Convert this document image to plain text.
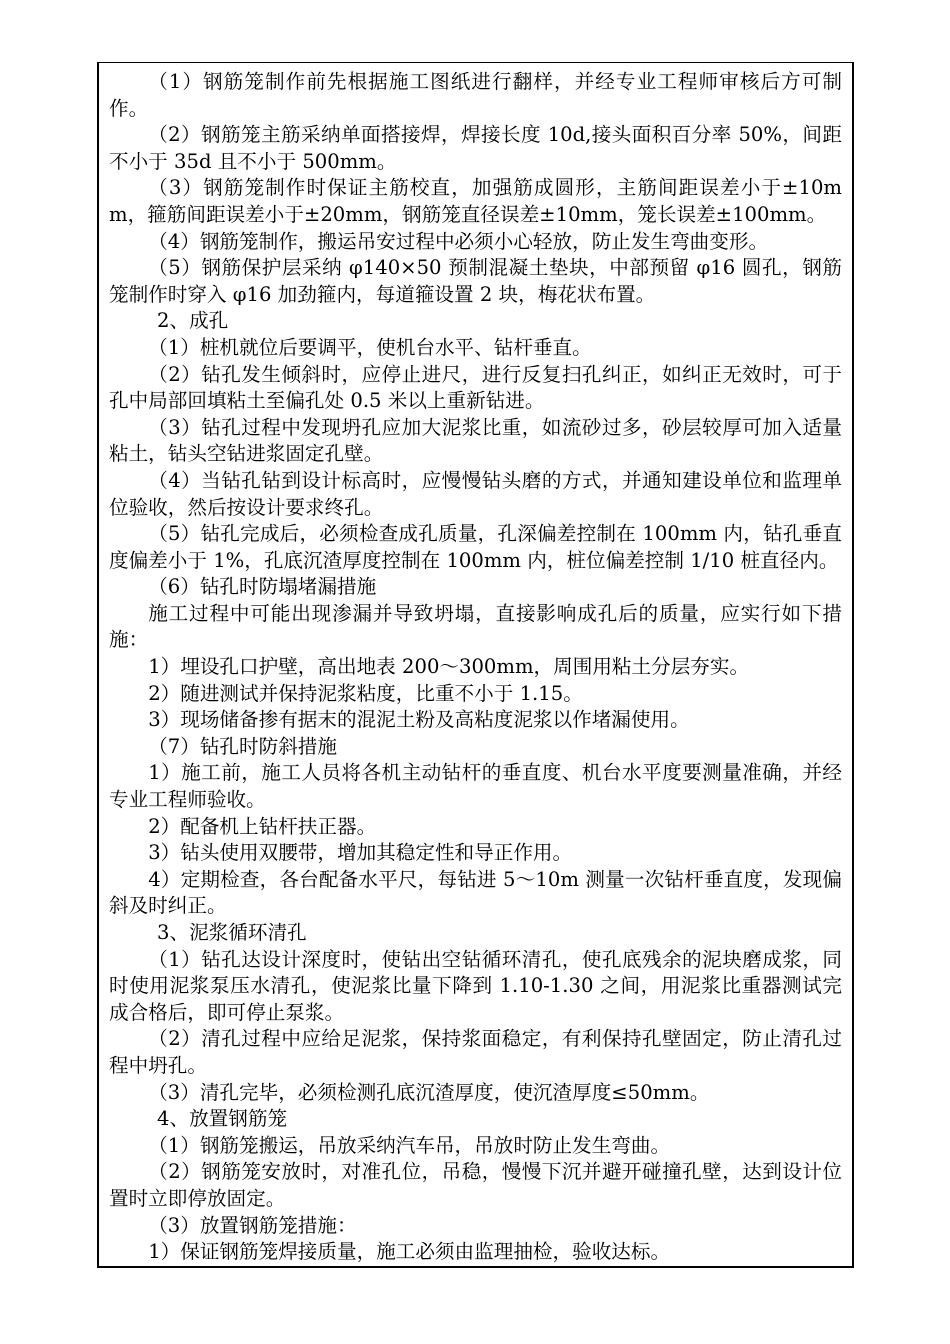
（1）钢筋笼制作前先根据施工图纸进行翻样，并经专业工程师审核后方可制作。

（2）钢筋笼主筋采纳单面搭接焊，焊接长度 10d,接头面积百分率 50%，间距不小于 35d 且不小于 500mm。

（3）钢筋笼制作时保证主筋校直，加强筋成圆形，主筋间距误差小于±10mm，箍筋间距误差小于±20mm，钢筋笼直径误差±10mm，笼长误差±100mm。

（4）钢筋笼制作，搬运吊安过程中必须小心轻放，防止发生弯曲变形。

（5）钢筋保护层采纳 φ140×50 预制混凝土垫块，中部预留 φ16 圆孔，钢筋笼制作时穿入 φ16 加劲箍内，每道箍设置 2 块，梅花状布置。

2、成孔

（1）桩机就位后要调平，使机台水平、钻杆垂直。

（2）钻孔发生倾斜时，应停止进尺，进行反复扫孔纠正，如纠正无效时，可于孔中局部回填粘土至偏孔处 0.5 米以上重新钻进。

（3）钻孔过程中发现坍孔应加大泥浆比重，如流砂过多，砂层较厚可加入适量粘土，钻头空钻进浆固定孔壁。

（4）当钻孔钻到设计标高时，应慢慢钻头磨的方式，并通知建设单位和监理单位验收，然后按设计要求终孔。

（5）钻孔完成后，必须检查成孔质量，孔深偏差控制在 100mm 内，钻孔垂直度偏差小于 1%，孔底沉渣厚度控制在 100mm 内，桩位偏差控制 1/10 桩直径内。

（6）钻孔时防塌堵漏措施

施工过程中可能出现渗漏并导致坍塌，直接影响成孔后的质量，应实行如下措施：

1）埋设孔口护壁，高出地表 200～300mm，周围用粘土分层夯实。

2）随进测试并保持泥浆粘度，比重不小于 1.15。

3）现场储备掺有据末的混泥土粉及高粘度泥浆以作堵漏使用。

（7）钻孔时防斜措施

1）施工前，施工人员将各机主动钻杆的垂直度、机台水平度要测量准确，并经专业工程师验收。

2）配备机上钻杆扶正器。

3）钻头使用双腰带，增加其稳定性和导正作用。

4）定期检查，各台配备水平尺，每钻进 5～10m 测量一次钻杆垂直度，发现偏斜及时纠正。

3、泥浆循环清孔

（1）钻孔达设计深度时，使钻出空钻循环清孔，使孔底残余的泥块磨成浆，同时使用泥浆泵压水清孔，使泥浆比量下降到 1.10-1.30 之间，用泥浆比重器测试完成合格后，即可停止泵浆。

（2）清孔过程中应给足泥浆，保持浆面稳定，有利保持孔壁固定，防止清孔过程中坍孔。

（3）清孔完毕，必须检测孔底沉渣厚度，使沉渣厚度≤50mm。

4、放置钢筋笼

（1）钢筋笼搬运，吊放采纳汽车吊，吊放时防止发生弯曲。

（2）钢筋笼安放时，对准孔位，吊稳，慢慢下沉并避开碰撞孔壁，达到设计位置时立即停放固定。

（3）放置钢筋笼措施：

1）保证钢筋笼焊接质量，施工必须由监理抽检，验收达标。
